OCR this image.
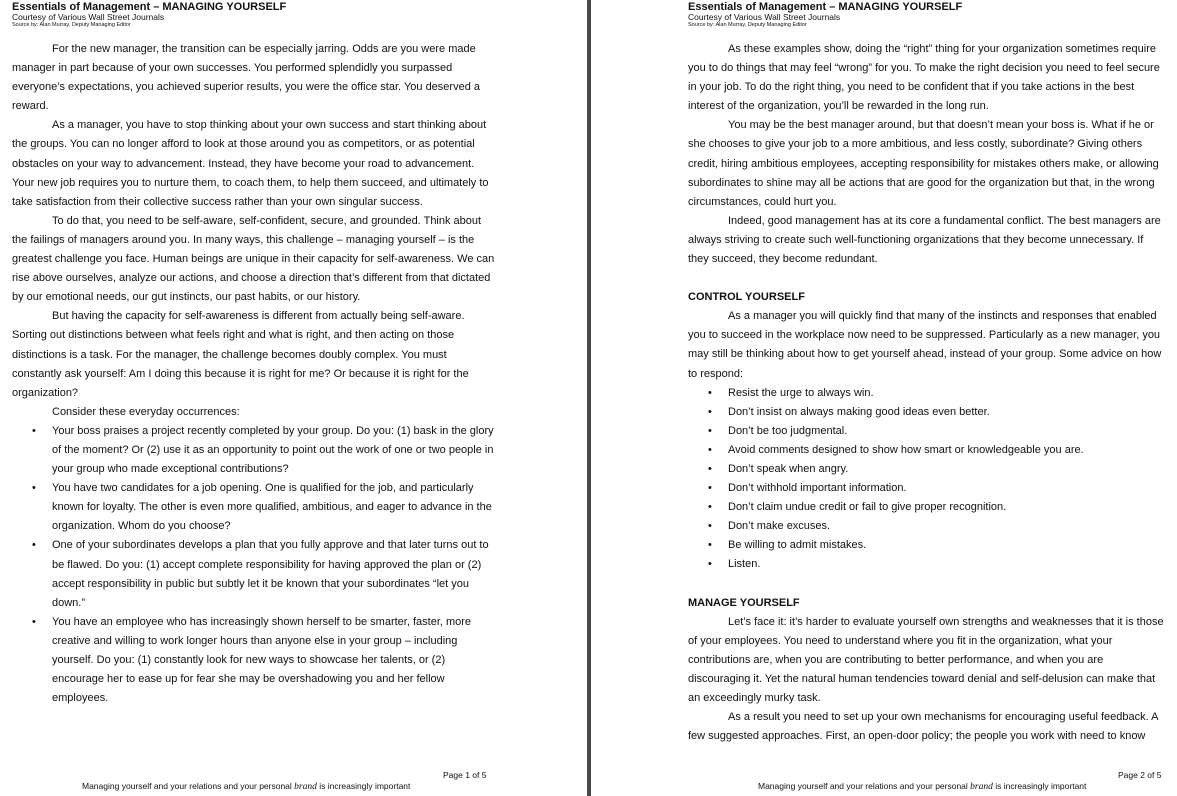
Essentials of Management – MANAGING YOURSELF
Courtesy of Various Wall Street Journals
Source by: Alan Murray, Deputy Managing Editor

For the new manager, the transition can be especially jarring. Odds are you were made manager in part because of your own successes. You performed splendidly you surpassed everyone’s expectations, you achieved superior results, you were the office star. You deserved a reward.

As a manager, you have to stop thinking about your own success and start thinking about the groups. You can no longer afford to look at those around you as competitors, or as potential obstacles on your way to advancement. Instead, they have become your road to advancement. Your new job requires you to nurture them, to coach them, to help them succeed, and ultimately to take satisfaction from their collective success rather than your own singular success.

To do that, you need to be self-aware, self-confident, secure, and grounded. Think about the failings of managers around you. In many ways, this challenge – managing yourself – is the greatest challenge you face. Human beings are unique in their capacity for self-awareness. We can rise above ourselves, analyze our actions, and choose a direction that’s different from that dictated by our emotional needs, our gut instincts, our past habits, or our history.

But having the capacity for self-awareness is different from actually being self-aware. Sorting out distinctions between what feels right and what is right, and then acting on those distinctions is a task. For the manager, the challenge becomes doubly complex. You must constantly ask yourself: Am I doing this because it is right for me? Or because it is right for the organization?

Consider these everyday occurrences:

• Your boss praises a project recently completed by your group. Do you: (1) bask in the glory of the moment? Or (2) use it as an opportunity to point out the work of one or two people in your group who made exceptional contributions?
• You have two candidates for a job opening. One is qualified for the job, and particularly known for loyalty. The other is even more qualified, ambitious, and eager to advance in the organization. Whom do you choose?
• One of your subordinates develops a plan that you fully approve and that later turns out to be flawed. Do you: (1) accept complete responsibility for having approved the plan or (2) accept responsibility in public but subtly let it be known that your subordinates “let you down.”
• You have an employee who has increasingly shown herself to be smarter, faster, more creative and willing to work longer hours than anyone else in your group – including yourself. Do you: (1) constantly look for new ways to showcase her talents, or (2) encourage her to ease up for fear she may be overshadowing you and her fellow employees.
Page 1 of 5
Managing yourself and your relations and your personal brand is increasingly important
Essentials of Management – MANAGING YOURSELF
Courtesy of Various Wall Street Journals
Source by: Alan Murray, Deputy Managing Editor

As these examples show, doing the “right” thing for your organization sometimes require you to do things that may feel “wrong” for you. To make the right decision you need to feel secure in your job. To do the right thing, you need to be confident that if you take actions in the best interest of the organization, you’ll be rewarded in the long run.

You may be the best manager around, but that doesn’t mean your boss is. What if he or she chooses to give your job to a more ambitious, and less costly, subordinate? Giving others credit, hiring ambitious employees, accepting responsibility for mistakes others make, or allowing subordinates to shine may all be actions that are good for the organization but that, in the wrong circumstances, could hurt you.

Indeed, good management has at its core a fundamental conflict. The best managers are always striving to create such well-functioning organizations that they become unnecessary. If they succeed, they become redundant.

CONTROL YOURSELF

As a manager you will quickly find that many of the instincts and responses that enabled you to succeed in the workplace now need to be suppressed. Particularly as a new manager, you may still be thinking about how to get yourself ahead, instead of your group. Some advice on how to respond:

• Resist the urge to always win.
• Don’t insist on always making good ideas even better.
• Don’t be too judgmental.
• Avoid comments designed to show how smart or knowledgeable you are.
• Don’t speak when angry.
• Don’t withhold important information.
• Don’t claim undue credit or fail to give proper recognition.
• Don’t make excuses.
• Be willing to admit mistakes.
• Listen.

MANAGE YOURSELF

Let’s face it: it’s harder to evaluate yourself own strengths and weaknesses that it is those of your employees. You need to understand where you fit in the organization, what your contributions are, when you are contributing to better performance, and when you are discouraging it. Yet the natural human tendencies toward denial and self-delusion can make that an exceedingly murky task.

As a result you need to set up your own mechanisms for encouraging useful feedback. A few suggested approaches. First, an open-door policy; the people you work with need to know

Page 2 of 5
Managing yourself and your relations and your personal brand is increasingly important
